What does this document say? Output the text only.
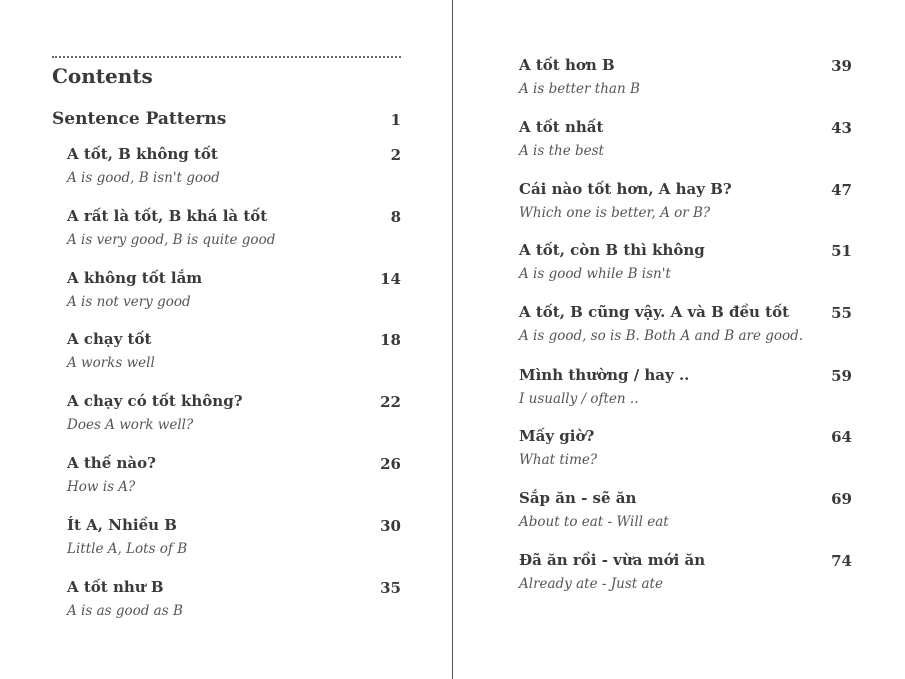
Contents
Sentence Patterns	1
A tốt, B không tốt	2
A is good, B isn't good
A rất là tốt, B khá là tốt	8
A is very good, B is quite good
A không tốt lắm	14
A is not very good
A chạy tốt	18
A works well
A chạy có tốt không?	22
Does A work well?
A thế nào?	26
How is A?
Ít A, Nhiều B	30
Little A, Lots of B
A tốt như B	35
A is as good as B
A tốt hơn B	39
A is better than B
A tốt nhất	43
A is the best
Cái nào tốt hơn, A hay B?	47
Which one is better, A or B?
A tốt, còn B thì không	51
A is good while B isn't
A tốt, B cũng vậy. A và B đều tốt	55
A is good, so is B. Both A and B are good.
Mình thường / hay ..	59
I usually / often ..
Mấy giờ?	64
What time?
Sắp ăn - sẽ ăn	69
About to eat - Will eat
Đã ăn rồi - vừa mới ăn	74
Already ate - Just ate
